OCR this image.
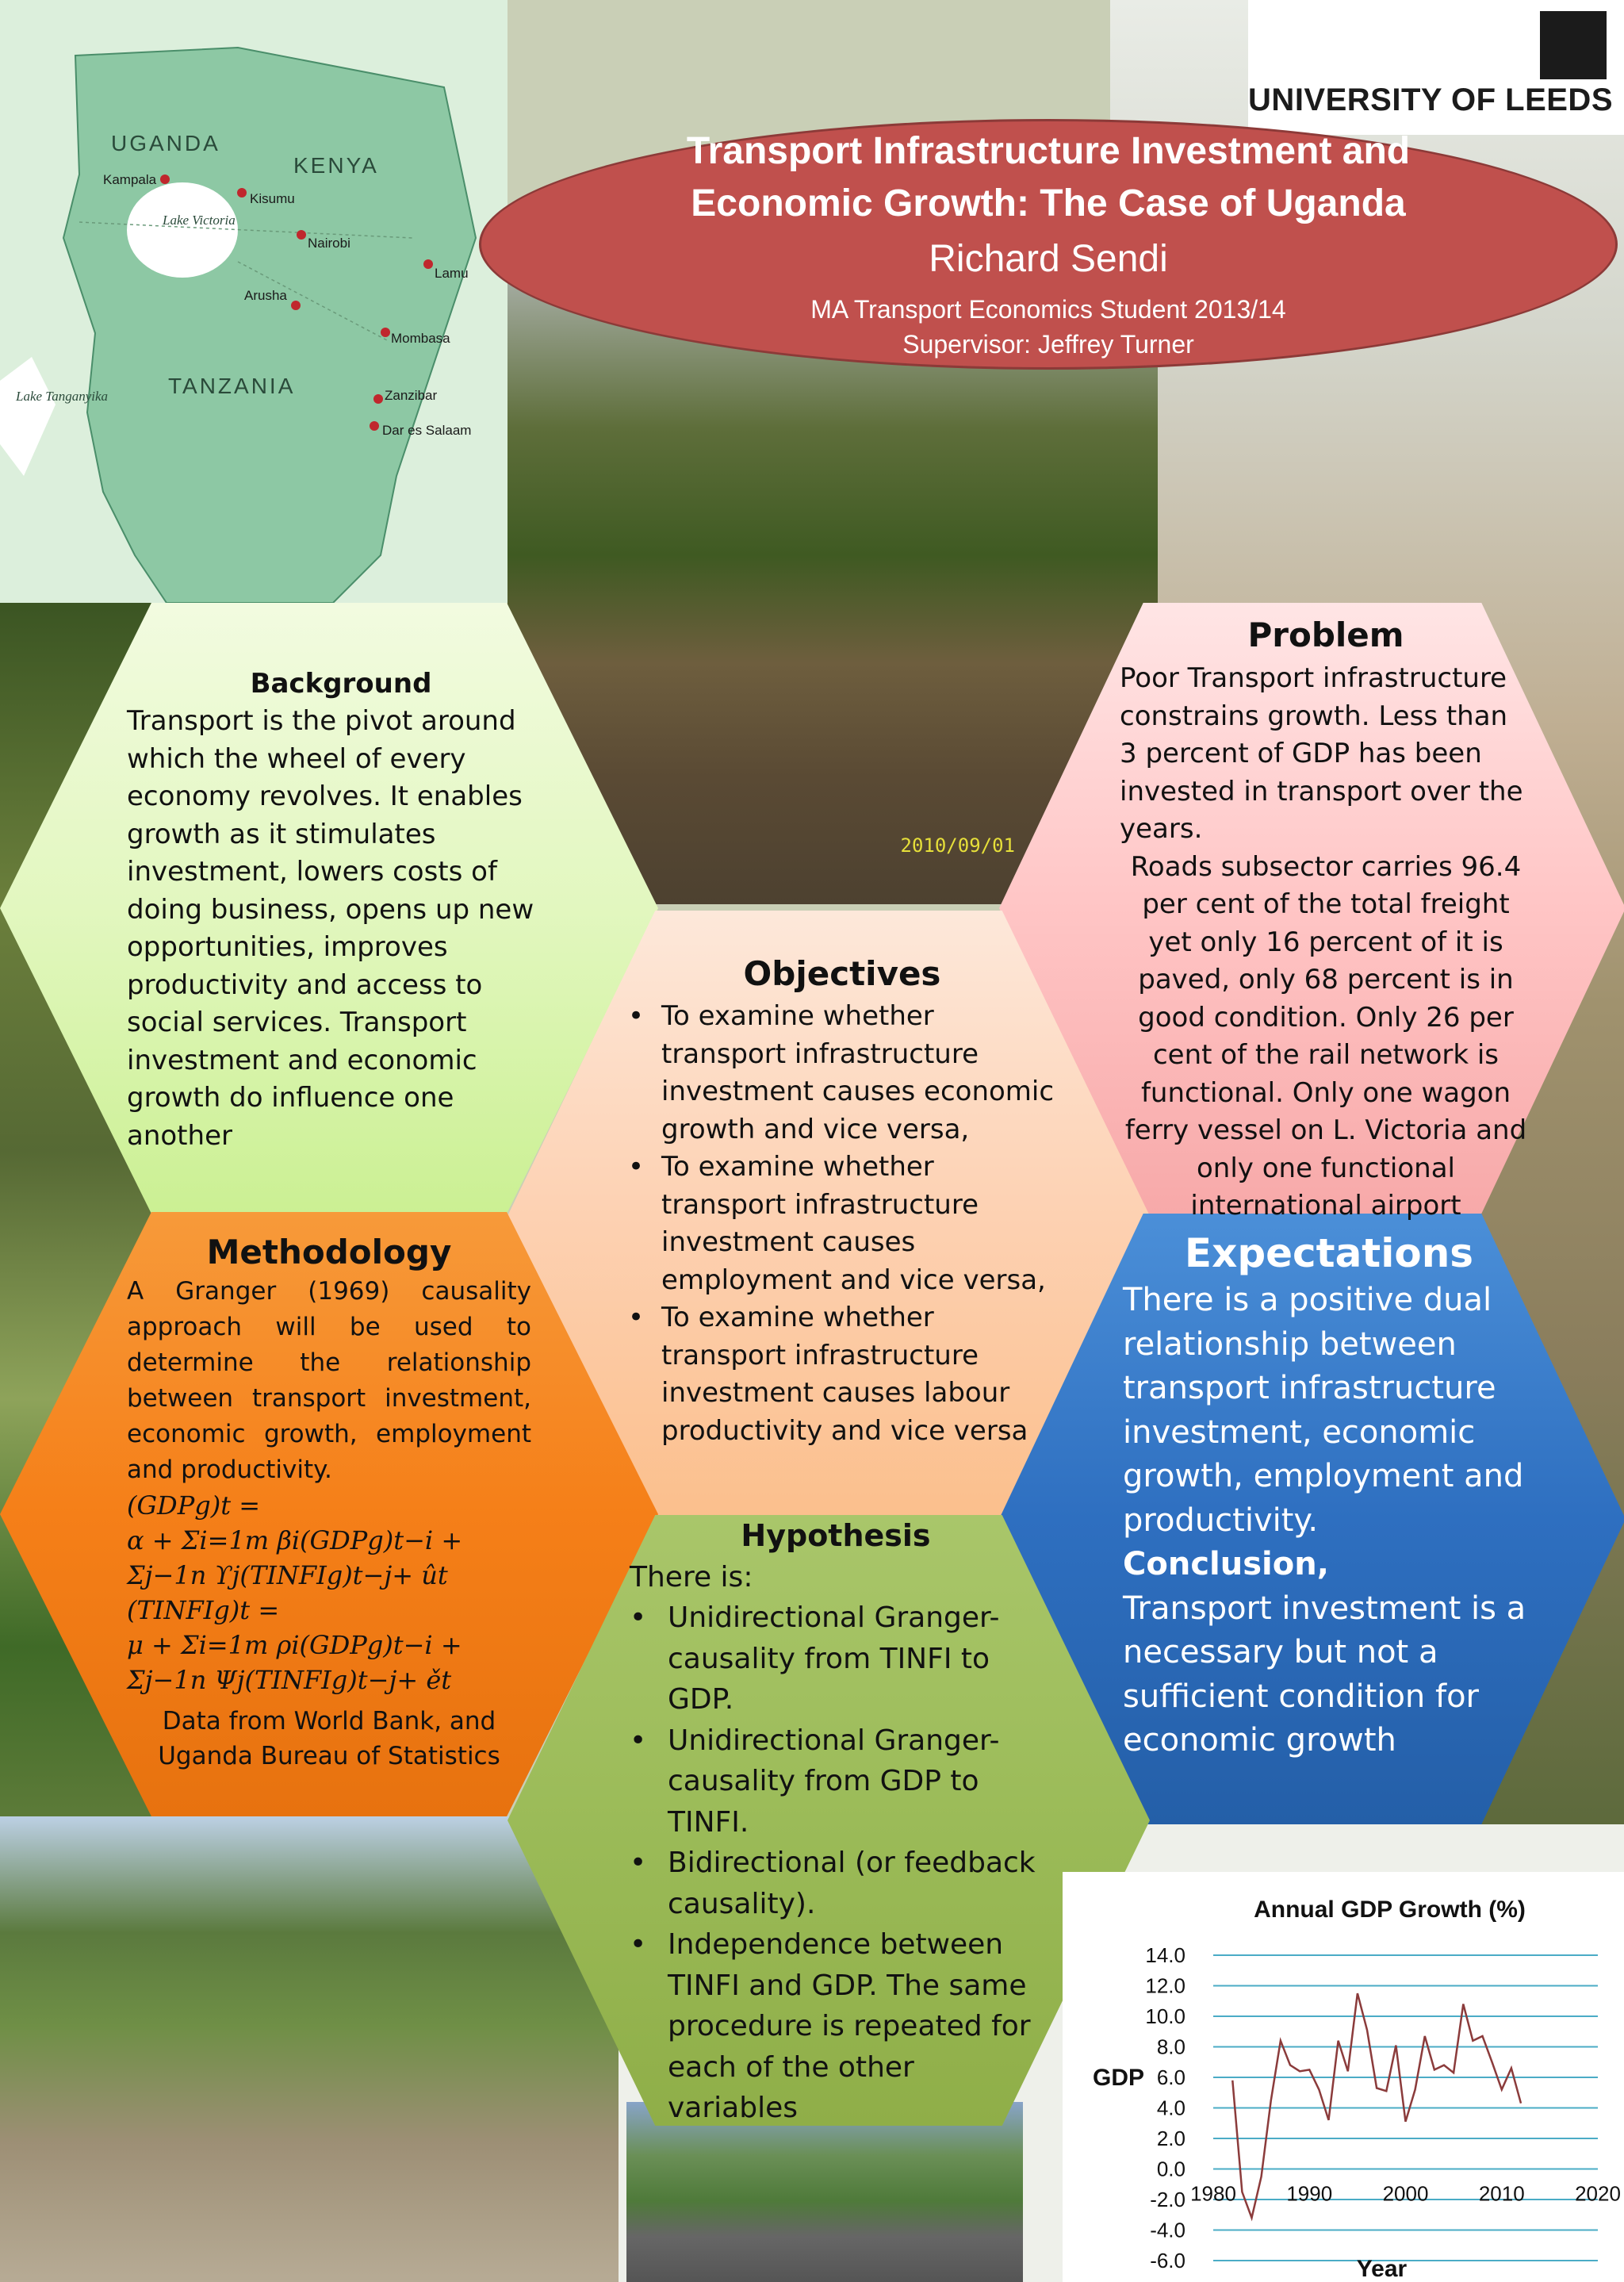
UGANDA
KENYA
TANZANIA
Lake Victoria
Lake Tanganyika
Kampala
Kisumu
Nairobi
Lamu
Arusha
Mombasa
Zanzibar
Dar es Salaam
2010/09/01
UNIVERSITY OF LEEDS

Transport Infrastructure Investment and
Economic Growth: The Case of Uganda

Richard Sendi

MA Transport Economics Student 2013/14

Supervisor: Jeffrey Turner

Background

Transport is the pivot around which the wheel of every economy revolves. It enables growth as it stimulates investment, lowers costs of doing business, opens up new opportunities, improves productivity and access to social services. Transport investment and economic growth do influence one another

Problem

Poor Transport infrastructure constrains growth. Less than 3 percent of GDP has been invested in transport over the years.

Roads subsector carries 96.4 per cent of the total freight yet only 16 percent of it is paved, only 68 percent is in good condition. Only 26 per cent of the rail network is functional. Only one wagon ferry vessel on L. Victoria and only one functional international airport

Objectives
• To examine whether transport infrastructure investment causes economic growth and vice versa,
• To examine whether transport infrastructure investment causes employment and vice versa,
• To examine whether transport infrastructure investment causes labour productivity and vice versa
Methodology

A Granger (1969) causality approach will be used to determine the relationship between transport investment, economic growth, employment and productivity.

(GDPg)t =

α + Σi=1m βi(GDPg)t−i +

Σj−1n ϒj(TINFIg)t−j+ ût

(TINFIg)t =

μ + Σi=1m ρi(GDPg)t−i +

Σj−1n Ψj(TINFIg)t−j+ ět

Data from World Bank, and Uganda Bureau of Statistics

Expectations

There is a positive dual relationship between transport infrastructure investment, economic growth, employment and productivity.

Conclusion,

Transport investment is a necessary but not a sufficient condition for economic growth

Hypothesis

There is:

• Unidirectional Granger-causality from TINFI to GDP.
• Unidirectional Granger-causality from GDP to TINFI.
• Bidirectional (or feedback causality).
• Independence between TINFI and GDP. The same procedure is repeated for each of the other variables
Annual GDP Growth (%)
14.0
12.0
10.0
8.0
6.0
4.0
2.0
0.0
-2.0
-4.0
-6.0
1980 1990 2000 2010 2020
GDP
Year
